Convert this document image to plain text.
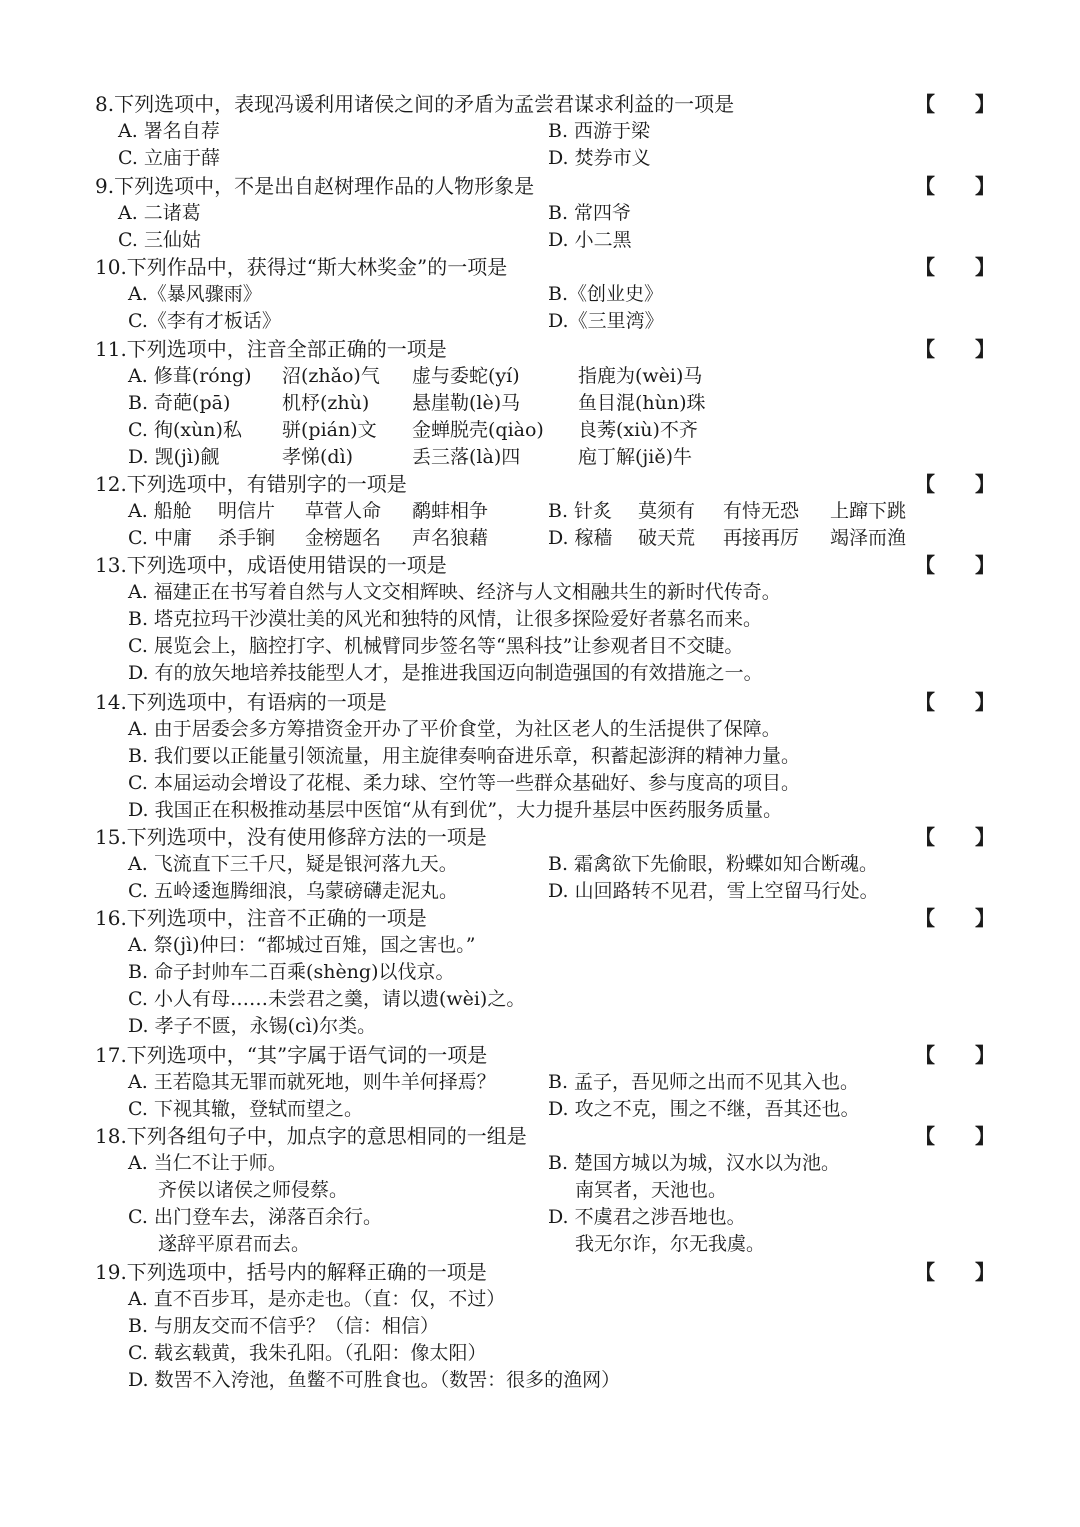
8.下列选项中，表现冯谖利用诸侯之间的矛盾为孟尝君谋求利益的一项是	【　　】
A. 署名自荐	B. 西游于梁
C. 立庙于薛	D. 焚券市义
9.下列选项中，不是出自赵树理作品的人物形象是	【　　】
A. 二诸葛	B. 常四爷
C. 三仙姑	D. 小二黑
10.下列作品中，获得过“斯大林奖金”的一项是	【　　】
A.《暴风骤雨》	B.《创业史》
C.《李有才板话》	D.《三里湾》
11.下列选项中，注音全部正确的一项是	【　　】
A. 修葺(róng) 沼(zhǎo)气 虚与委蛇(yí)	指鹿为(wèi)马
B. 奇葩(pā)	机杼(zhù) 悬崖勒(lè)马	鱼目混(hùn)珠
C. 徇(xùn)私 骈(pián)文 金蝉脱壳(qiào) 良莠(xiù)不齐
D. 觊(jì)觎	孝悌(dì)	丢三落(là)四	庖丁解(jiě)牛
12.下列选项中，有错别字的一项是	【　　】
A. 船舱 明信片 草菅人命 鹬蚌相争	B. 针炙 莫须有 有恃无恐 上蹿下跳
C. 中庸 杀手锏 金榜题名 声名狼藉	D. 稼穑 破天荒 再接再厉 竭泽而渔
13.下列选项中，成语使用错误的一项是	【　　】
A. 福建正在书写着自然与人文交相辉映、经济与人文相融共生的新时代传奇。
B. 塔克拉玛干沙漠壮美的风光和独特的风情，让很多探险爱好者慕名而来。
C. 展览会上，脑控打字、机械臂同步签名等“黑科技”让参观者目不交睫。
D. 有的放矢地培养技能型人才，是推进我国迈向制造强国的有效措施之一。
14.下列选项中，有语病的一项是	【　　】
A. 由于居委会多方筹措资金开办了平价食堂，为社区老人的生活提供了保障。
B. 我们要以正能量引领流量，用主旋律奏响奋进乐章，积蓄起澎湃的精神力量。
C. 本届运动会增设了花棍、柔力球、空竹等一些群众基础好、参与度高的项目。
D. 我国正在积极推动基层中医馆“从有到优”，大力提升基层中医药服务质量。
15.下列选项中，没有使用修辞方法的一项是	【　　】
A. 飞流直下三千尺，疑是银河落九天。	B. 霜禽欲下先偷眼，粉蝶如知合断魂。
C. 五岭逶迤腾细浪，乌蒙磅礴走泥丸。	D. 山回路转不见君，雪上空留马行处。
16.下列选项中，注音不正确的一项是	【　　】
A. 祭(jì)仲曰：“都城过百雉，国之害也。”
B. 命子封帅车二百乘(shèng)以伐京。
C. 小人有母……未尝君之羹，请以遗(wèi)之。
D. 孝子不匮，永锡(cì)尔类。
17.下列选项中，“其”字属于语气词的一项是	【　　】
A. 王若隐其无罪而就死地，则牛羊何择焉？	B. 孟子，吾见师之出而不见其入也。
C. 下视其辙，登轼而望之。	D. 攻之不克，围之不继，吾其还也。
18.下列各组句子中，加点字的意思相同的一组是	【　　】
A. 当仁不让于师。
齐侯以诸侯之师侵蔡。
B. 楚国方城以为城，汉水以为池。
南冥者，天池也。
C. 出门登车去，涕落百余行。
遂辞平原君而去。
D. 不虞君之涉吾地也。
我无尔诈，尔无我虞。
19.下列选项中，括号内的解释正确的一项是	【　　】
A. 直不百步耳，是亦走也。（直：仅，不过）
B. 与朋友交而不信乎？（信：相信）
C. 载玄载黄，我朱孔阳。（孔阳：像太阳）
D. 数罟不入洿池，鱼鳖不可胜食也。（数罟：很多的渔网）
